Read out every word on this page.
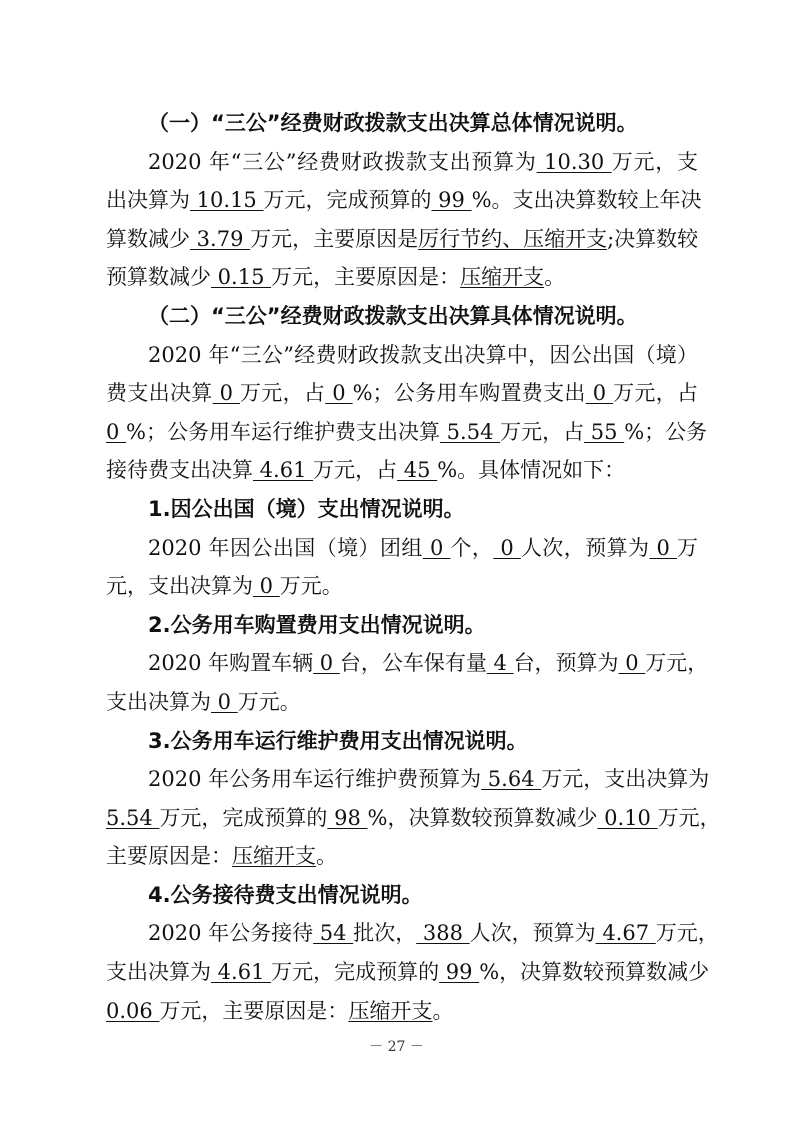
（一）“三公”经费财政拨款支出决算总体情况说明。
2020 年“三公”经费财政拨款支出预算为 10.30 万元，支
出决算为 10.15 万元，完成预算的 99 %。支出决算数较上年决
算数减少 3.79 万元，主要原因是厉行节约、压缩开支;决算数较
预算数减少 0.15 万元，主要原因是：压缩开支。
（二）“三公”经费财政拨款支出决算具体情况说明。
2020 年“三公”经费财政拨款支出决算中，因公出国（境）
费支出决算 0 万元，占 0 %；公务用车购置费支出 0 万元，占
0 %；公务用车运行维护费支出决算 5.54 万元，占 55 %；公务
接待费支出决算 4.61 万元，占 45 %。具体情况如下：
1.因公出国（境）支出情况说明。
2020 年因公出国（境）团组 0 个， 0 人次，预算为 0 万
元，支出决算为 0 万元。
2.公务用车购置费用支出情况说明。
2020 年购置车辆 0 台，公车保有量 4 台，预算为 0 万元，
支出决算为 0 万元。
3.公务用车运行维护费用支出情况说明。
2020 年公务用车运行维护费预算为 5.64 万元，支出决算为
5.54 万元，完成预算的 98 %，决算数较预算数减少 0.10 万元，
主要原因是：压缩开支。
4.公务接待费支出情况说明。
2020 年公务接待 54 批次， 388 人次，预算为 4.67 万元，
支出决算为 4.61 万元，完成预算的 99 %，决算数较预算数减少
0.06 万元，主要原因是：压缩开支。
－ 27 －
